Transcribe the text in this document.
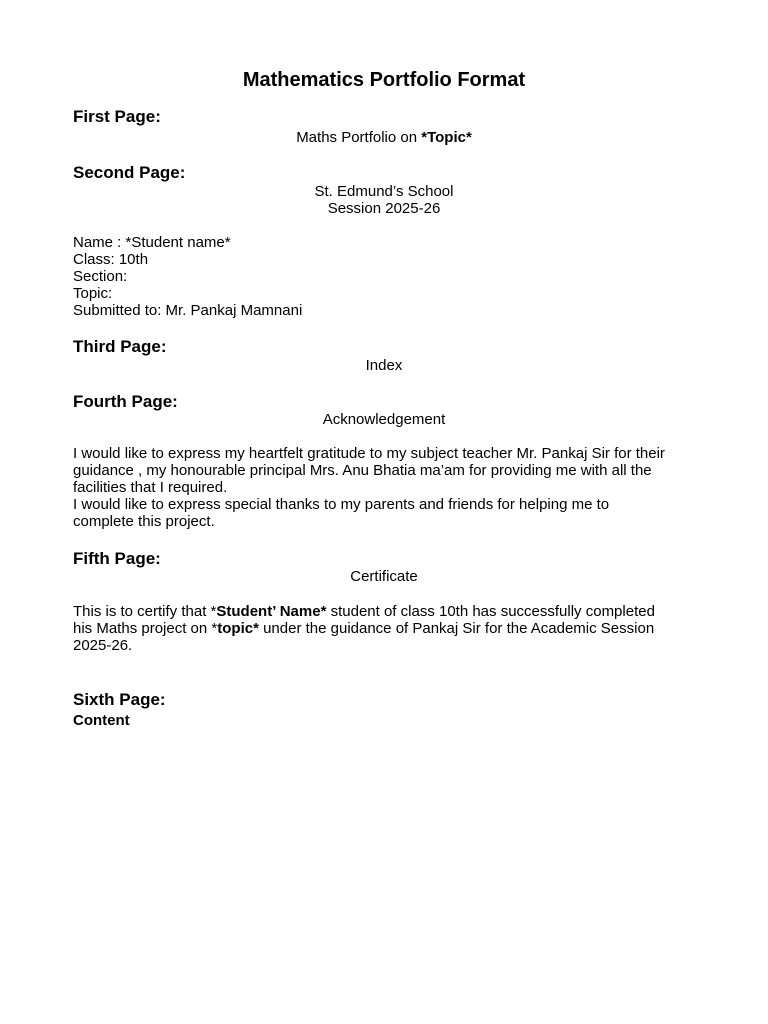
Mathematics Portfolio Format
First Page:

Maths Portfolio on *Topic*

Second Page:

St. Edmund’s School

Session 2025-26

Name : *Student name*
Class: 10th
Section:
Topic:
Submitted to: Mr. Pankaj Mamnani
Third Page:

Index

Fourth Page:

Acknowledgement

I would like to express my heartfelt gratitude to my subject teacher Mr. Pankaj Sir for their
guidance , my honourable principal Mrs. Anu Bhatia ma’am for providing me with all the
facilities that I required.
I would like to express special thanks to my parents and friends for helping me to
complete this project.
Fifth Page:

Certificate

This is to certify that *Student’ Name* student of class 10th has successfully completed
his Maths project on *topic* under the guidance of Pankaj Sir for the Academic Session
2025-26.
Sixth Page:

Content
